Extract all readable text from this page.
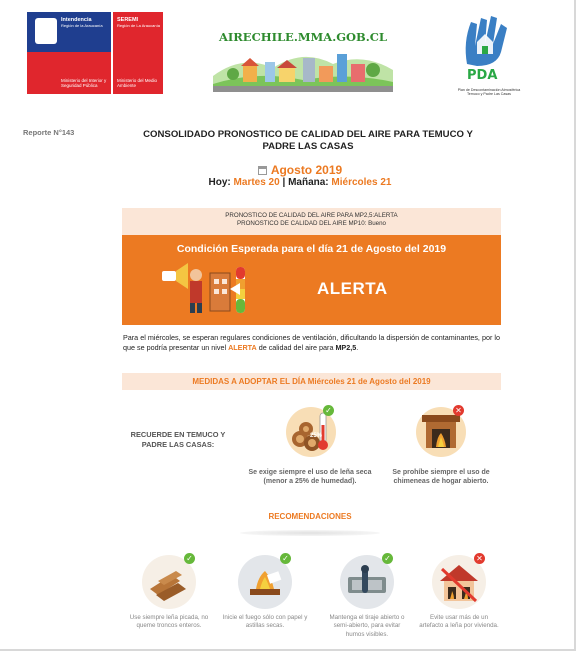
Intendencia
Región de la Araucanía
Ministerio del Interior y Seguridad Pública
SEREMI
Región de La Araucanía
Ministerio del Medio Ambiente
AIRECHILE.MMA.GOB.CL
PDA
Plan de Descontaminación Atmosférica Temuco y Padre Las Casas
Reporte N°143	CONSOLIDADO PRONOSTICO DE CALIDAD DEL AIRE PARA TEMUCO Y PADRE LAS CASAS
Agosto 2019
Hoy: Martes 20 | Mañana: Miércoles 21
PRONOSTICO DE CALIDAD DEL AIRE PARA MP2,5:ALERTA
PRONOSTICO DE CALIDAD DEL AIRE MP10: Bueno
Condición Esperada para el día 21 de Agosto del 2019
ALERTA
Para el miércoles, se esperan regulares condiciones de ventilación, dificultando la dispersión de contaminantes, por lo que se podría presentar un nivel ALERTA de calidad del aire para MP2,5.
MEDIDAS A ADOPTAR EL DÍA Miércoles 21 de Agosto del 2019
RECUERDE EN TEMUCO Y PADRE LAS CASAS:
25%
✓
Se exige siempre el uso de leña seca (menor a 25% de humedad).
✕
Se prohíbe siempre el uso de chimeneas de hogar abierto.
RECOMENDACIONES
✓
Use siempre leña picada, no queme troncos enteros.
✓
Inicie el fuego sólo con papel y astillas secas.
✓
Mantenga el tiraje abierto o semi-abierto, para evitar humos visibles.
✕
Evite usar más de un artefacto a leña por vivienda.
